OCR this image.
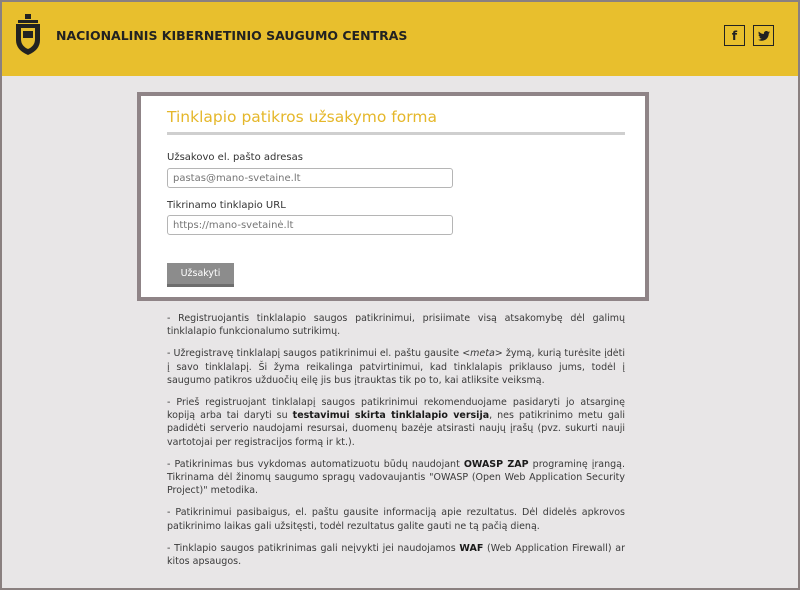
NACIONALINIS KIBERNETINIO SAUGUMO CENTRAS	f
Tinklapio patikros užsakymo forma
Užsakovo el. pašto adresas
pastas@mano-svetaine.lt
Tikrinamo tinklapio URL
https://mano-svetainė.lt
Užsakyti

- Registruojantis tinklalapio saugos patikrinimui, prisiimate visą atsakomybę dėl galimų tinklalapio funkcionalumo sutrikimų.

- Užregistravę tinklalapį saugos patikrinimui el. paštu gausite <meta> žymą, kurią turėsite įdėti į savo tinklalapį. Ši žyma reikalinga patvirtinimui, kad tinklalapis priklauso jums, todėl į saugumo patikros užduočių eilę jis bus įtrauktas tik po to, kai atliksite veiksmą.

- Prieš registruojant tinklalapį saugos patikrinimui rekomenduojame pasidaryti jo atsarginę kopiją arba tai daryti su testavimui skirta tinklalapio versija, nes patikrinimo metu gali padidėti serverio naudojami resursai, duomenų bazėje atsirasti naujų įrašų (pvz. sukurti nauji vartotojai per registracijos formą ir kt.).

- Patikrinimas bus vykdomas automatizuotu būdų naudojant OWASP ZAP programinę įrangą. Tikrinama dėl žinomų saugumo spragų vadovaujantis "OWASP (Open Web Application Security Project)" metodika.

- Patikrinimui pasibaigus, el. paštu gausite informaciją apie rezultatus. Dėl didelės apkrovos patikrinimo laikas gali užsitęsti, todėl rezultatus galite gauti ne tą pačią dieną.

- Tinklapio saugos patikrinimas gali neįvykti jei naudojamos WAF (Web Application Firewall) ar kitos apsaugos.
